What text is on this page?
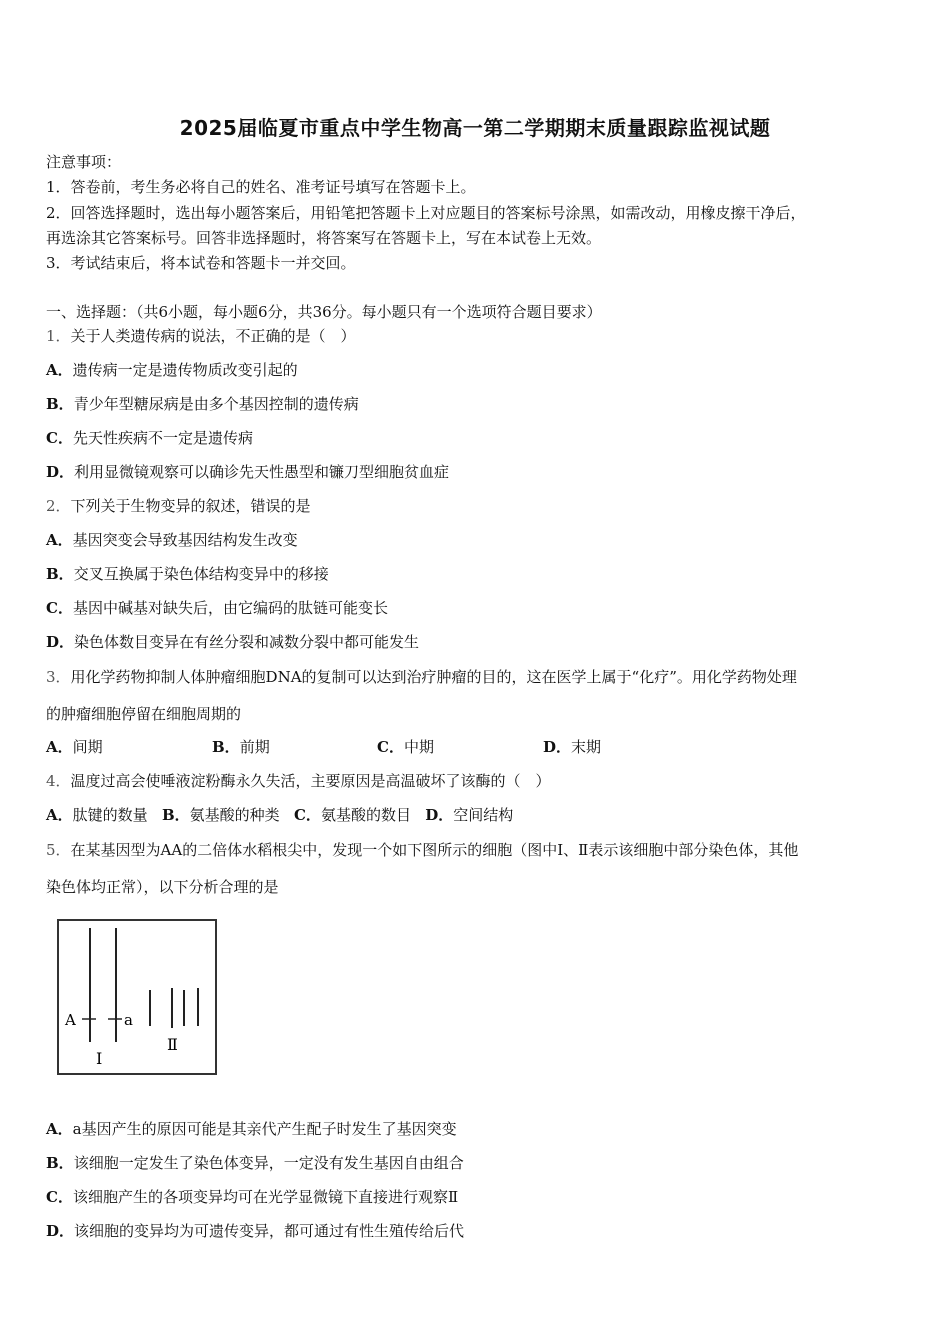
2025届临夏市重点中学生物高一第二学期期末质量跟踪监视试题
注意事项：
1．答卷前，考生务必将自己的姓名、准考证号填写在答题卡上。
2．回答选择题时，选出每小题答案后，用铅笔把答题卡上对应题目的答案标号涂黑，如需改动，用橡皮擦干净后，
再选涂其它答案标号。回答非选择题时，将答案写在答题卡上，写在本试卷上无效。
3．考试结束后，将本试卷和答题卡一并交回。
一、选择题：（共6小题，每小题6分，共36分。每小题只有一个选项符合题目要求）
1．关于人类遗传病的说法，不正确的是（　）
A．遗传病一定是遗传物质改变引起的
B．青少年型糖尿病是由多个基因控制的遗传病
C．先天性疾病不一定是遗传病
D．利用显微镜观察可以确诊先天性愚型和镰刀型细胞贫血症
2．下列关于生物变异的叙述，错误的是
A．基因突变会导致基因结构发生改变
B．交叉互换属于染色体结构变异中的移接
C．基因中碱基对缺失后，由它编码的肽链可能变长
D．染色体数目变异在有丝分裂和减数分裂中都可能发生
3．用化学药物抑制人体肿瘤细胞DNA的复制可以达到治疗肿瘤的目的，这在医学上属于“化疗”。用化学药物处理
的肿瘤细胞停留在细胞周期的
A．间期	B．前期	C．中期	D．末期
4．温度过高会使唾液淀粉酶永久失活，主要原因是高温破坏了该酶的（　）
A．肽键的数量 B．氨基酸的种类 C．氨基酸的数目 D．空间结构
5．在某基因型为AA的二倍体水稻根尖中，发现一个如下图所示的细胞（图中Ⅰ、Ⅱ表示该细胞中部分染色体，其他
染色体均正常），以下分析合理的是
A	a
Ⅰ
Ⅱ
A．a基因产生的原因可能是其亲代产生配子时发生了基因突变
B．该细胞一定发生了染色体变异，一定没有发生基因自由组合
C．该细胞产生的各项变异均可在光学显微镜下直接进行观察Ⅱ
D．该细胞的变异均为可遗传变异，都可通过有性生殖传给后代
